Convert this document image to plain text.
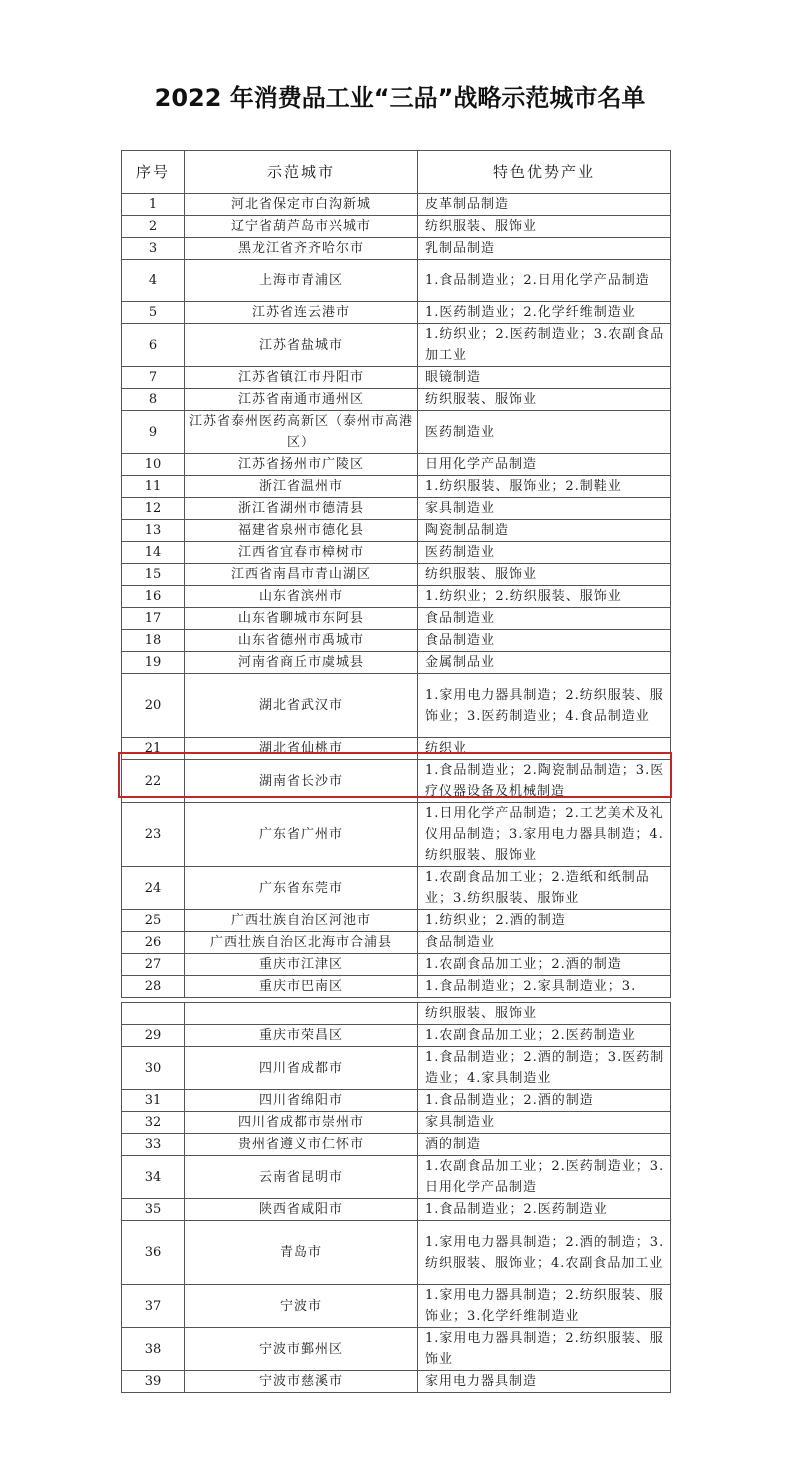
2022 年消费品工业“三品”战略示范城市名单
序号	示范城市	特色优势产业
1	河北省保定市白沟新城	皮革制品制造
2	辽宁省葫芦岛市兴城市	纺织服装、服饰业
3	黑龙江省齐齐哈尔市	乳制品制造
4	上海市青浦区	1.食品制造业；2.日用化学产品制造
5	江苏省连云港市	1.医药制造业；2.化学纤维制造业
6	江苏省盐城市	1.纺织业；2.医药制造业；3.农副食品加工业
7	江苏省镇江市丹阳市	眼镜制造
8	江苏省南通市通州区	纺织服装、服饰业
9	江苏省泰州医药高新区（泰州市高港区）	医药制造业
10	江苏省扬州市广陵区	日用化学产品制造
11	浙江省温州市	1.纺织服装、服饰业；2.制鞋业
12	浙江省湖州市德清县	家具制造业
13	福建省泉州市德化县	陶瓷制品制造
14	江西省宜春市樟树市	医药制造业
15	江西省南昌市青山湖区	纺织服装、服饰业
16	山东省滨州市	1.纺织业；2.纺织服装、服饰业
17	山东省聊城市东阿县	食品制造业
18	山东省德州市禹城市	食品制造业
19	河南省商丘市虞城县	金属制品业
20	湖北省武汉市	1.家用电力器具制造；2.纺织服装、服饰业；3.医药制造业；4.食品制造业
21	湖北省仙桃市	纺织业
22	湖南省长沙市	1.食品制造业；2.陶瓷制品制造；3.医疗仪器设备及机械制造
23	广东省广州市	1.日用化学产品制造；2.工艺美术及礼仪用品制造；3.家用电力器具制造；4.纺织服装、服饰业
24	广东省东莞市	1.农副食品加工业；2.造纸和纸制品业；3.纺织服装、服饰业
25	广西壮族自治区河池市	1.纺织业；2.酒的制造
26	广西壮族自治区北海市合浦县	食品制造业
27	重庆市江津区	1.农副食品加工业；2.酒的制造
28	重庆市巴南区	1.食品制造业；2.家具制造业；3.
		纺织服装、服饰业
29	重庆市荣昌区	1.农副食品加工业；2.医药制造业
30	四川省成都市	1.食品制造业；2.酒的制造；3.医药制造业；4.家具制造业
31	四川省绵阳市	1.食品制造业；2.酒的制造
32	四川省成都市崇州市	家具制造业
33	贵州省遵义市仁怀市	酒的制造
34	云南省昆明市	1.农副食品加工业；2.医药制造业；3.日用化学产品制造
35	陕西省咸阳市	1.食品制造业；2.医药制造业
36	青岛市	1.家用电力器具制造；2.酒的制造；3.纺织服装、服饰业；4.农副食品加工业
37	宁波市	1.家用电力器具制造；2.纺织服装、服饰业；3.化学纤维制造业
38	宁波市鄞州区	1.家用电力器具制造；2.纺织服装、服饰业
39	宁波市慈溪市	家用电力器具制造
